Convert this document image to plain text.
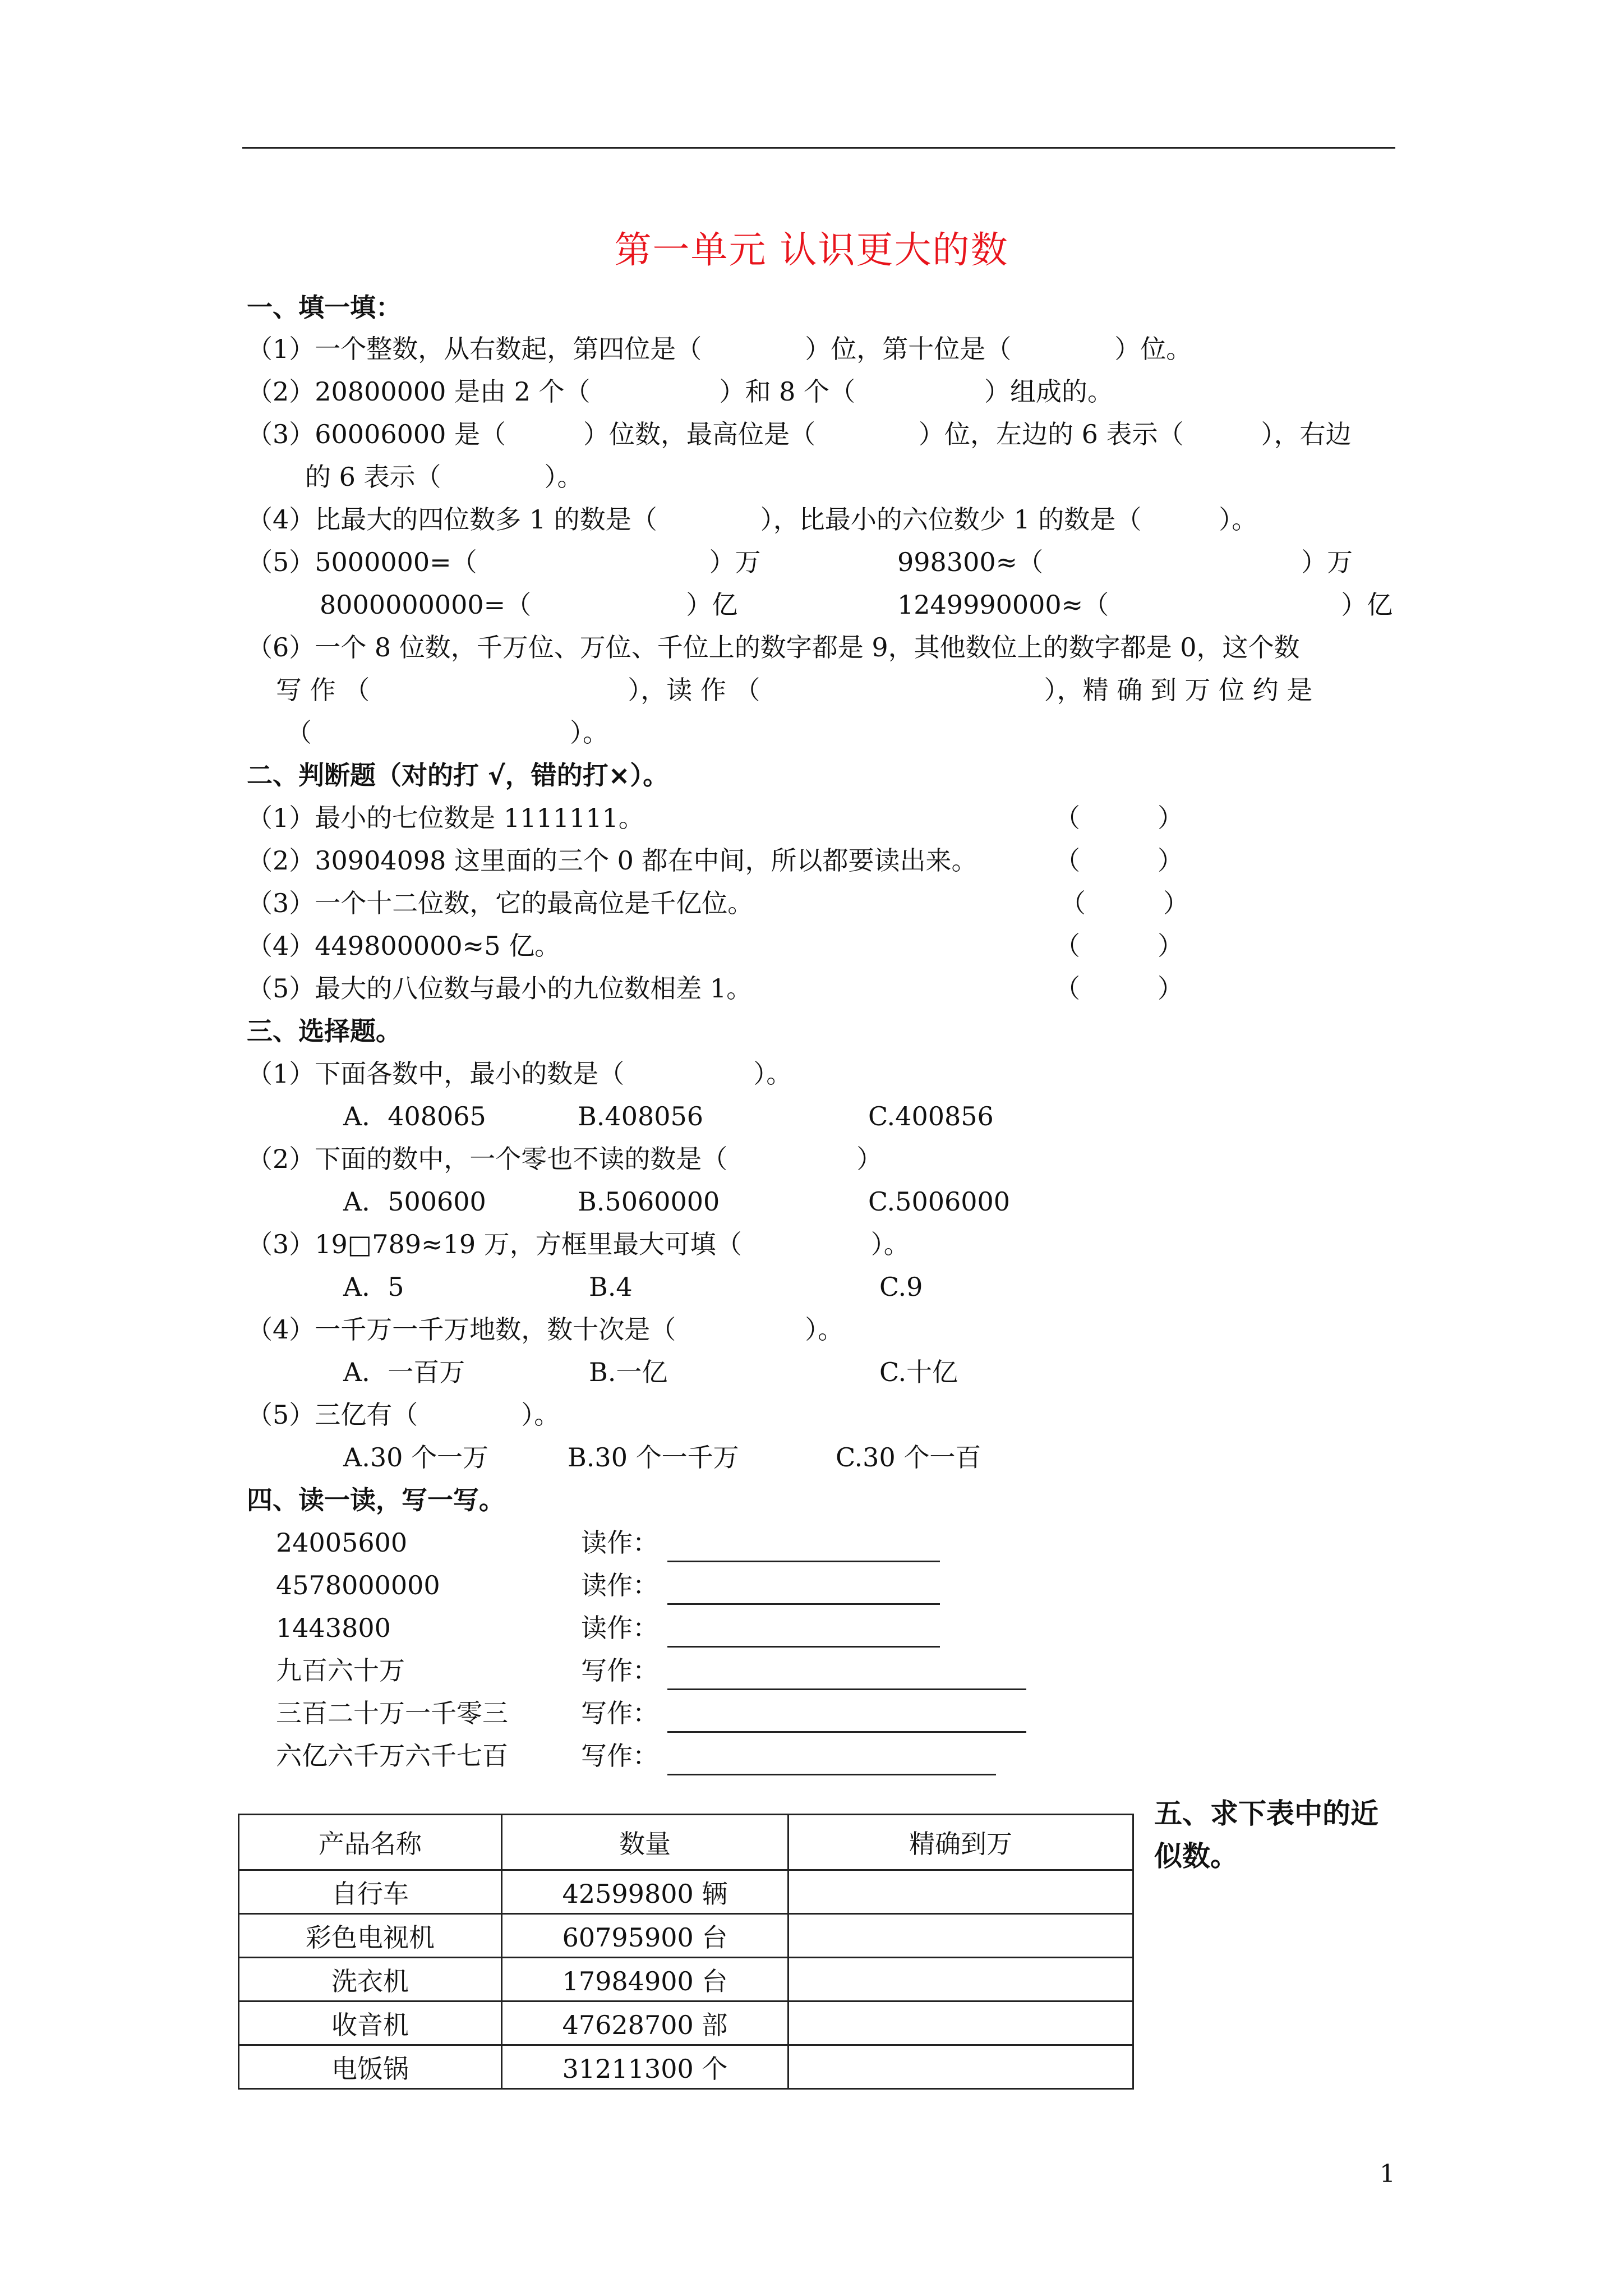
第一单元 认识更大的数
一、填一填：
（1）一个整数，从右数起，第四位是（　　　　）位，第十位是（　　　　）位。
（2）20800000 是由 2 个（　　　　　）和 8 个（　　　　　）组成的。
（3）60006000 是（　　　）位数，最高位是（　　　　）位，左边的 6 表示（　　　），右边
的 6 表示（　　　　）。
（4）比最大的四位数多 1 的数是（　　　　），比最小的六位数少 1 的数是（　　　）。
（5）5000000=（　　　　　　　　　）万	998300≈（　　　　　　　　　　）万
8000000000=（　　　　　　）亿	1249990000≈（　　　　　　　　　）亿
（6）一个 8 位数，千万位、万位、千位上的数字都是 9，其他数位上的数字都是 0，这个数
写 作 （　　　　　　　　　　），读 作 （　　　　　　　　　　　），精 确 到 万 位 约 是
（　　　　　　　　　　）。
二、判断题（对的打 √，错的打×）。
（1）最小的七位数是 1111111。	（　　　）
（2）30904098 这里面的三个 0 都在中间，所以都要读出来。	（　　　）
（3）一个十二位数，它的最高位是千亿位。	（　　　）
（4）449800000≈5 亿。	（　　　）
（5）最大的八位数与最小的九位数相差 1。	（　　　）
三、选择题。
（1）下面各数中，最小的数是（　　　　　）。
A．408065	B.408056	C.400856
（2）下面的数中，一个零也不读的数是（　　　　　）
A．500600	B.5060000	C.5006000
（3）19□789≈19 万，方框里最大可填（　　　　　）。
A．5	B.4	C.9
（4）一千万一千万地数，数十次是（　　　　　）。
A．一百万	B.一亿	C.十亿
（5）三亿有（　　　　）。
A.30 个一万	B.30 个一千万	C.30 个一百
四、读一读，写一写。
24005600	读作：
4578000000	读作：
1443800	读作：
九百六十万	写作：
三百二十万一千零三	写作：
六亿六千万六千七百	写作：
产品名称	数量	精确到万
自行车	42599800 辆	
彩色电视机	60795900 台	
洗衣机	17984900 台	
收音机	47628700 部	
电饭锅	31211300 个	
五、求下表中的近
似数。
1
